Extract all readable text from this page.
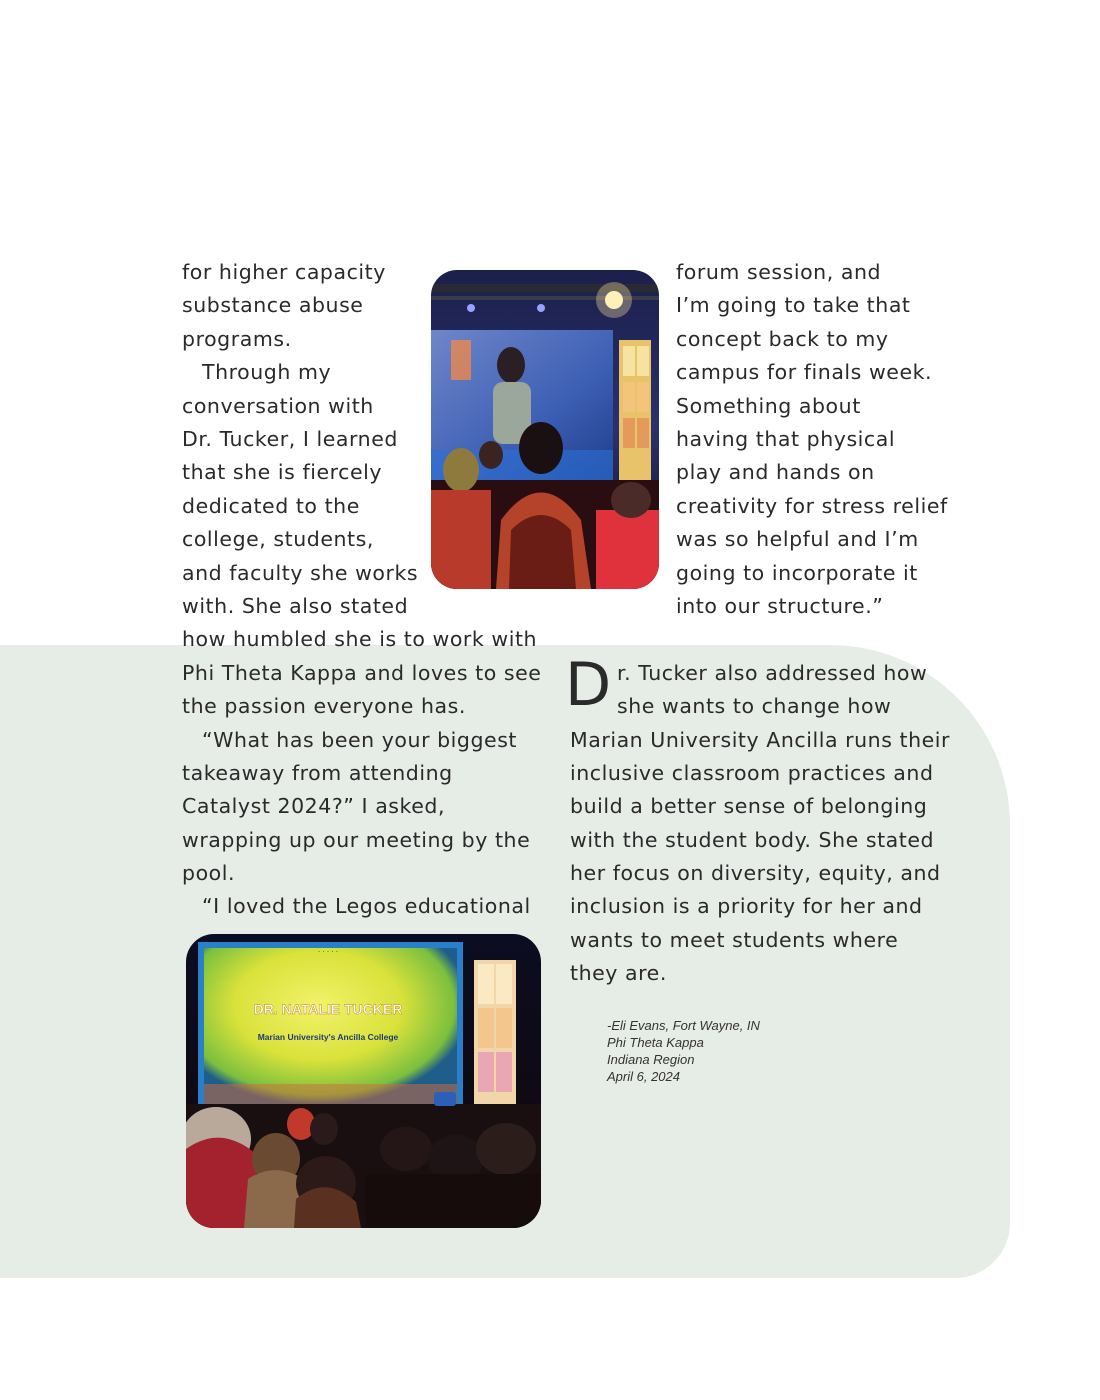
for higher capacity
substance abuse
programs.
Through my
conversation with
Dr. Tucker, I learned
that she is fiercely
dedicated to the
college, students,
and faculty she works
with. She also stated
how humbled she is to work with
Phi Theta Kappa and loves to see
the passion everyone has.
“What has been your biggest
takeaway from attending
Catalyst 2024?” I asked,
wrapping up our meeting by the
pool.
“I loved the Legos educational
forum session, and
I’m going to take that
concept back to my
campus for finals week.
Something about
having that physical
play and hands on
creativity for stress relief
was so helpful and I’m
going to incorporate it
into our structure.”
D r. Tucker also addressed how
she wants to change how
Marian University Ancilla runs their
inclusive classroom practices and
build a better sense of belonging
with the student body. She stated
her focus on diversity, equity, and
inclusion is a priority for her and
wants to meet students where
they are.
-Eli Evans, Fort Wayne, IN
Phi Theta Kappa
Indiana Region
April 6, 2024
· · · · ·
DR. NATALIE TUCKER
Marian University's Ancilla College
